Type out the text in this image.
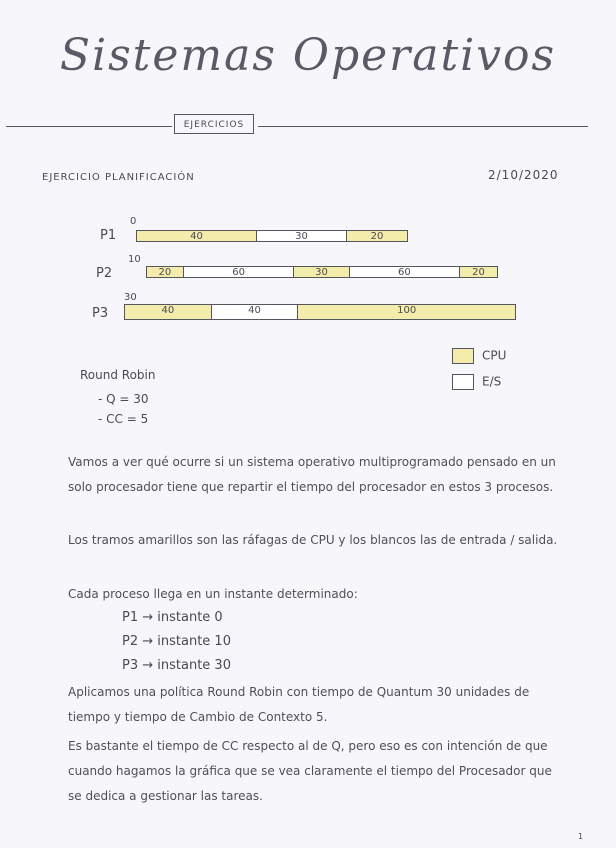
Sistemas Operativos
EJERCICIOS
EJERCICIO PLANIFICACIÓN	2/10/2020
0
P1	40	30	20
10
P2	20	60	30	60	20
30
P3	40	40	100
CPU
E/S
Round Robin
- Q = 30
- CC = 5
Vamos a ver qué ocurre si un sistema operativo multiprogramado pensado en un solo procesador tiene que repartir el tiempo del procesador en estos 3 procesos.
Los tramos amarillos son las ráfagas de CPU y los blancos las de entrada / salida.
Cada proceso llega en un instante determinado:
P1 → instante 0
P2 → instante 10
P3 → instante 30
Aplicamos una política Round Robin con tiempo de Quantum 30 unidades de tiempo y tiempo de Cambio de Contexto 5.
Es bastante el tiempo de CC respecto al de Q, pero eso es con intención de que cuando hagamos la gráfica que se vea claramente el tiempo del Procesador que se dedica a gestionar las tareas.
1
